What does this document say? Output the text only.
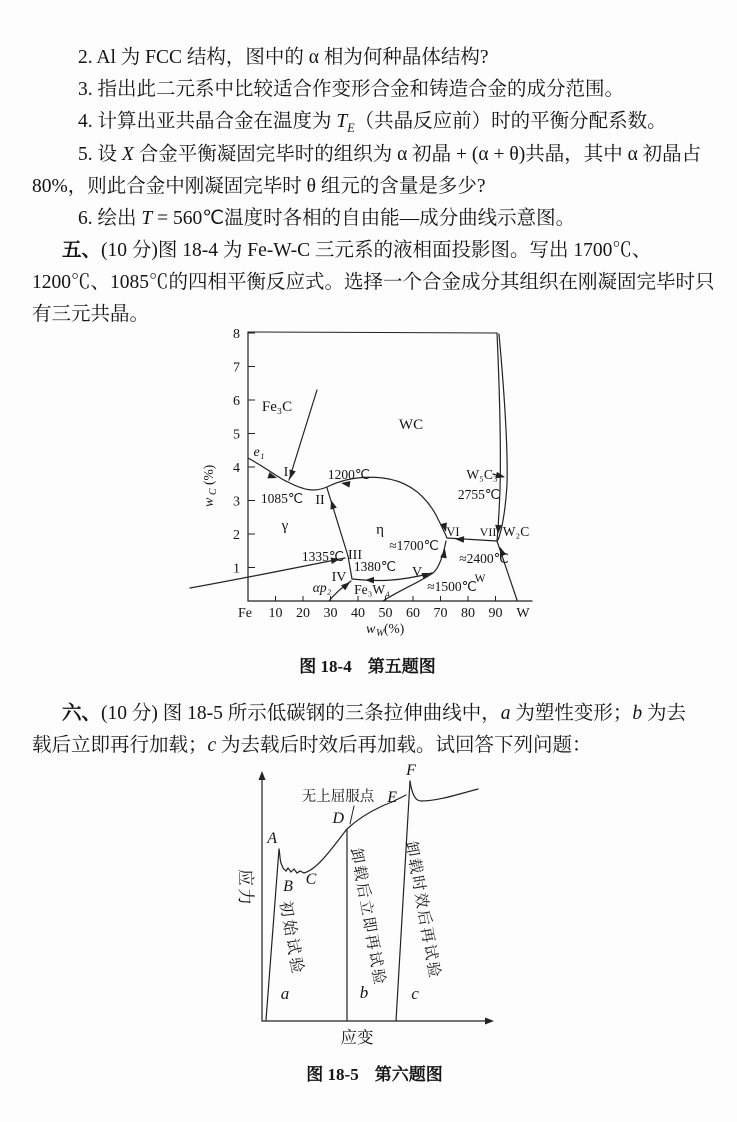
2. Al 为 FCC 结构，图中的 α 相为何种晶体结构?
3. 指出此二元系中比较适合作变形合金和铸造合金的成分范围。
4. 计算出亚共晶合金在温度为 $T_E$（共晶反应前）时的平衡分配系数。
5. 设 X 合金平衡凝固完毕时的组织为 α 初晶 + (α + θ)共晶，其中 α 初晶占
80%，则此合金中刚凝固完毕时 θ 组元的含量是多少?
6. 绘出 T = 560℃温度时各相的自由能—成分曲线示意图。
五、(10 分)图 18-4 为 Fe-W-C 三元系的液相面投影图。写出 1700℃、
1200℃、1085℃的四相平衡反应式。选择一个合金成分其组织在刚凝固完毕时只
有三元共晶。
六、(10 分) 图 18-5 所示低碳钢的三条拉伸曲线中，a 为塑性变形；b 为去
载后立即再行加载；c 为去载后时效后再加载。试回答下列问题：
8
7
6
5
4
3
2
1
Fe 10 20 30 40 50 60 70 80 90 W
w
C
(%)
w W (%)
Fe₃C
WC
e₁
I
1085℃
1200℃
II
γ	η
1335℃ III
IV
1380℃
Fe₃W₄
αp₂
V
≈1700℃
≈1500℃
W
VI
≈2400℃
VII W₂C
W₅C₃
2755℃
图 18-4 第五题图
A
B C
D
E
F
无上屈服点
应力
初始试验	卸载后立即再试验 卸载时效后再试验
a	b	c
应变
图 18-5 第六题图
